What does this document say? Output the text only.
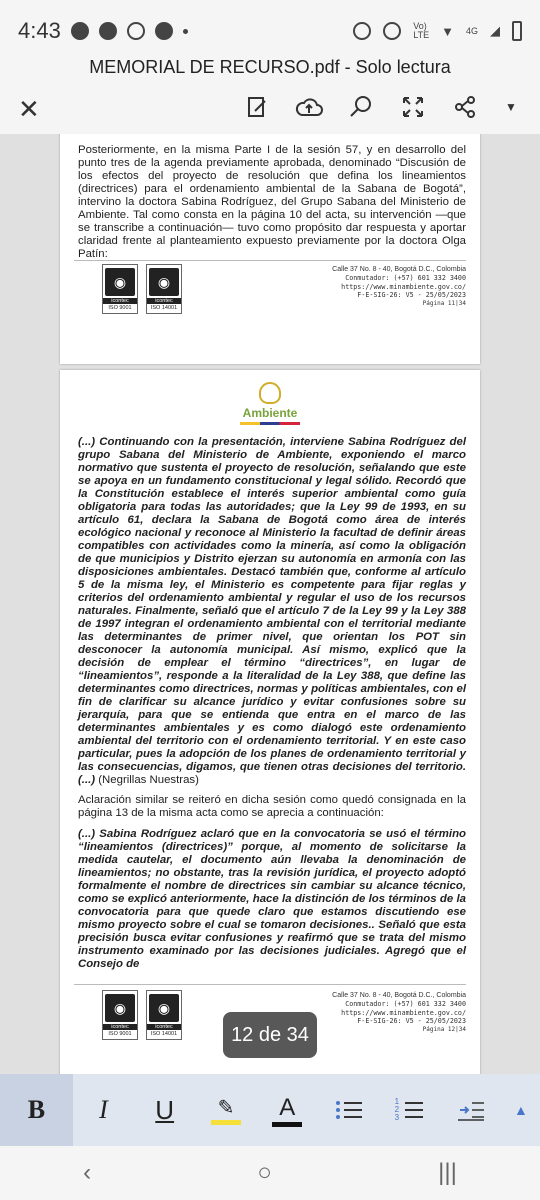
4:43	Vo)
LTE ▼ 4G ◢
MEMORIAL DE RECURSO.pdf - Solo lectura
✕	▼

Posteriormente, en la misma Parte I de la sesión 57, y en desarrollo del punto tres de la agenda previamente aprobada, denominado “Discusión de los efectos del proyecto de resolución que defina los lineamientos (directrices) para el ordenamiento ambiental de la Sabana de Bogotá”, intervino la doctora Sabina Rodríguez, del Grupo Sabana del Ministerio de Ambiente. Tal como consta en la página 10 del acta, su intervención —que se transcribe a continuación— tuvo como propósito dar respuesta y aportar claridad frente al planteamiento expuesto previamente por la doctora Olga Patín:

◉
icontec
ISO 9001
◉
icontec
ISO 14001
Calle 37 No. 8 - 40, Bogotá D.C., Colombia
Conmutador: (+57) 601 332 3400
https://www.minambiente.gov.co/
F-E-SIG-26: V5 - 25/05/2023
Página 11|34
Ambiente

(...) Continuando con la presentación, interviene Sabina Rodríguez del grupo Sabana del Ministerio de Ambiente, exponiendo el marco normativo que sustenta el proyecto de resolución, señalando que este se apoya en un fundamento constitucional y legal sólido. Recordó que la Constitución establece el interés superior ambiental como guía obligatoria para todas las autoridades; que la Ley 99 de 1993, en su artículo 61, declara la Sabana de Bogotá como área de interés ecológico nacional y reconoce al Ministerio la facultad de definir áreas compatibles con actividades como la minería, así como la obligación de que municipios y Distrito ejerzan su autonomía en armonía con las disposiciones ambientales. Destacó también que, conforme al artículo 5 de la misma ley, el Ministerio es competente para fijar reglas y criterios del ordenamiento ambiental y regular el uso de los recursos naturales. Finalmente, señaló que el artículo 7 de la Ley 99 y la Ley 388 de 1997 integran el ordenamiento ambiental con el territorial mediante las determinantes de primer nivel, que orientan los POT sin desconocer la autonomía municipal. Así mismo, explicó que la decisión de emplear el término “directrices”, en lugar de “lineamientos”, responde a la literalidad de la Ley 388, que define las determinantes como directrices, normas y políticas ambientales, con el fin de clarificar su alcance jurídico y evitar confusiones sobre su jerarquía, para que se entienda que entra en el marco de las determinantes ambientales y es como dialogó este ordenamiento ambiental del territorio con el ordenamiento territorial. Y en este caso particular, pues la adopción de los planes de ordenamiento territorial y las consecuencias, digamos, que tienen otras decisiones del territorio. (...) (Negrillas Nuestras)

Aclaración similar se reiteró en dicha sesión como quedó consignada en la página 13 de la misma acta como se aprecia a continuación:

(...) Sabina Rodríguez aclaró que en la convocatoria se usó el término “lineamientos (directrices)” porque, al momento de solicitarse la medida cautelar, el documento aún llevaba la denominación de lineamientos; no obstante, tras la revisión jurídica, el proyecto adoptó formalmente el nombre de directrices sin cambiar su alcance técnico, como se explicó anteriormente, hace la distinción de los términos de la convocatoria para que quede claro que estamos discutiendo ese mismo proyecto sobre el cual se tomaron decisiones.. Señaló que esta precisión busca evitar confusiones y reafirmó que se trata del mismo instrumento examinado por las decisiones judiciales. Agregó que el Consejo de

◉
icontec
ISO 9001
◉
icontec
ISO 14001
Calle 37 No. 8 - 40, Bogotá D.C., Colombia
Conmutador: (+57) 601 332 3400
https://www.minambiente.gov.co/
F-E-SIG-26: V5 - 25/05/2023
Página 12|34
12 de 34
B I U ✎ A	1
2
3	▲
‹	○	|||
